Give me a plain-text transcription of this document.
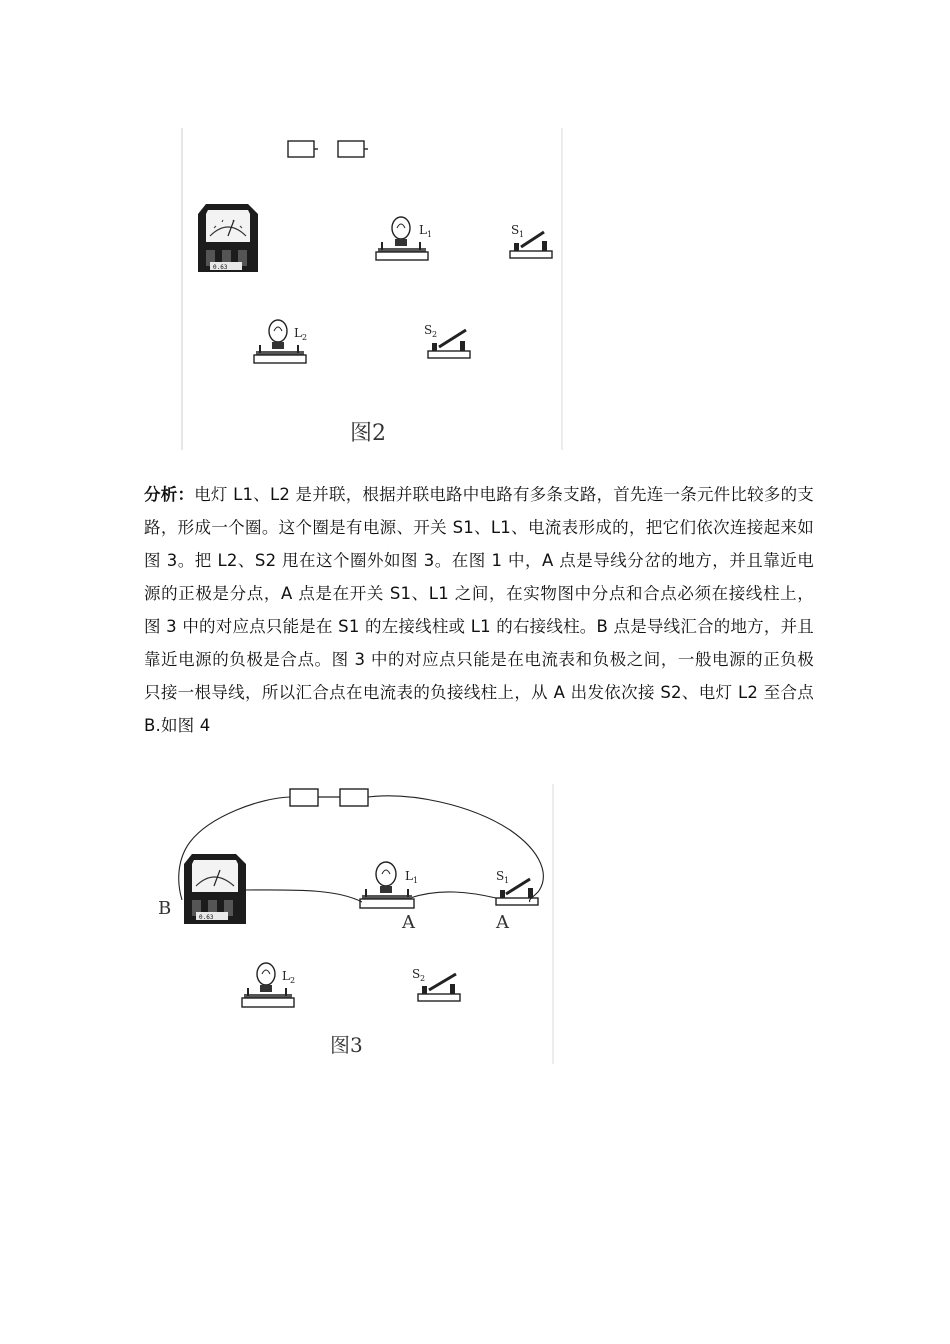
0.63
L 1	S 1
L 2
S 2
图2
分析：电灯 L1、L2 是并联，根据并联电路中电路有多条支路，首先连一条元件比较多的支路，形成一个圈。这个圈是有电源、开关 S1、L1、电流表形成的，把它们依次连接起来如图 3。把 L2、S2 甩在这个圈外如图 3。在图 1 中，A 点是导线分岔的地方，并且靠近电源的正极是分点，A 点是在开关 S1、L1 之间，在实物图中分点和合点必须在接线柱上，图 3 中的对应点只能是在 S1 的左接线柱或 L1 的右接线柱。B 点是导线汇合的地方，并且靠近电源的负极是合点。图 3 中的对应点只能是在电流表和负极之间，一般电源的正负极只接一根导线，所以汇合点在电流表的负接线柱上，从 A 出发依次接 S2、电灯 L2 至合点 B.如图 4
0.63
B
L 1
A
S 1
A
L 2	S 2
图3
